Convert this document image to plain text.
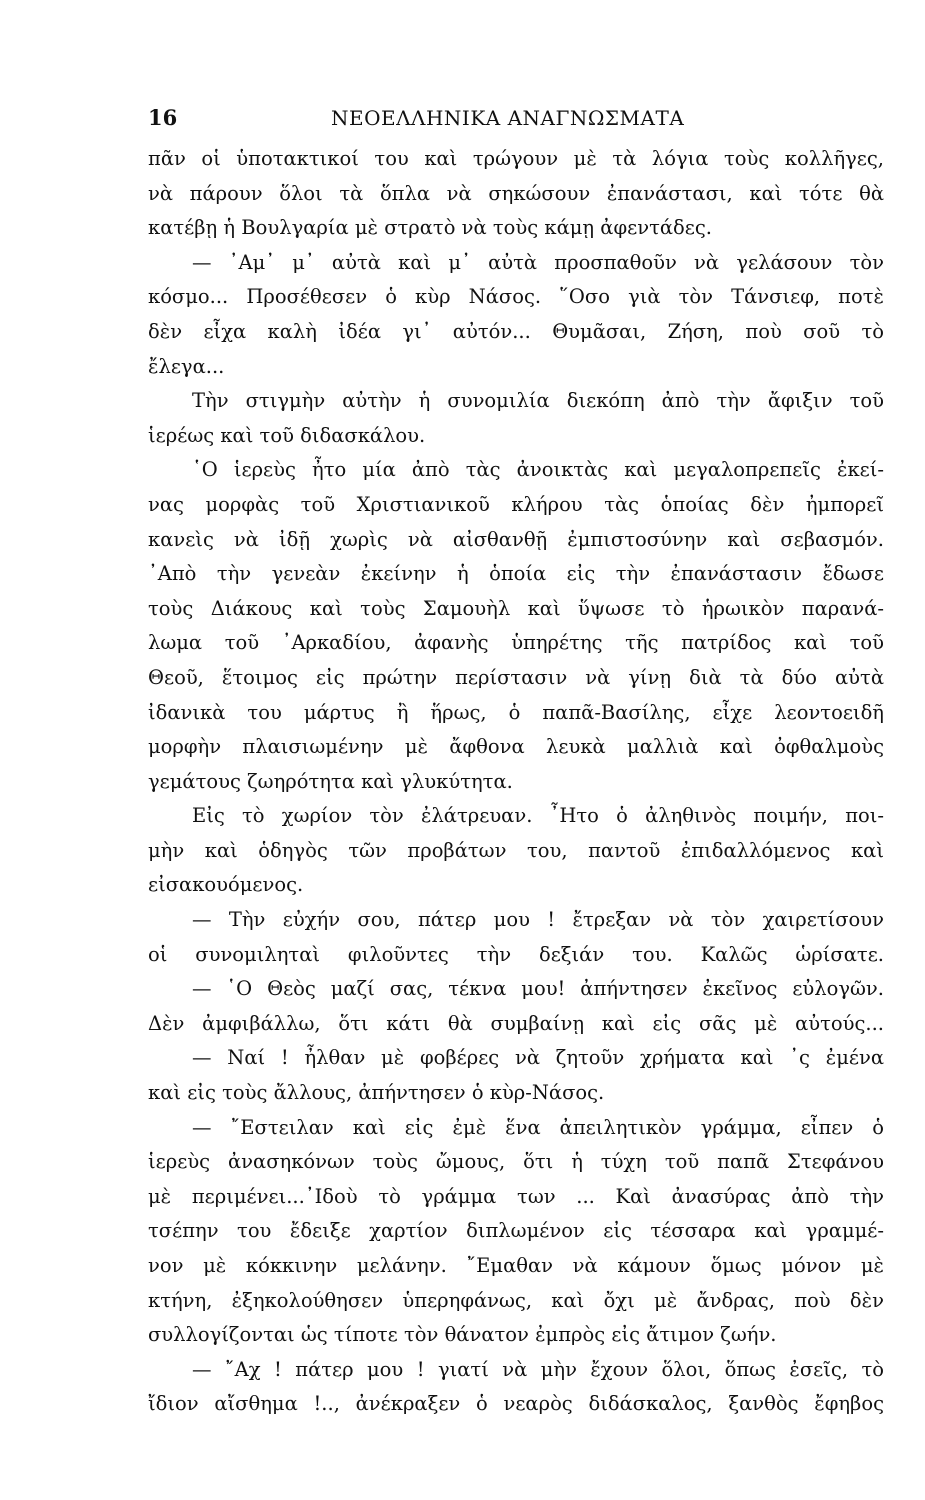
16	ΝΕΟΕΛΛΗΝΙΚΑ ΑΝΑΓΝΩΣΜΑΤΑ
πᾶν οἱ ὑποτακτικοί του καὶ τρώγουν μὲ τὰ λόγια τοὺς κολλῆγες,
νὰ πάρουν ὅλοι τὰ ὅπλα νὰ σηκώσουν ἐπανάστασι, καὶ τότε θὰ
κατέβῃ ἡ Βουλγαρία μὲ στρατὸ νὰ τοὺς κάμῃ ἀφεντάδες.
— ᾽Αμ᾽ μ᾽ αὐτὰ καὶ μ᾽ αὐτὰ προσπαθοῦν νὰ γελάσουν τὸν
κόσμο... Προσέθεσεν ὁ κὺρ Νάσος. ῞Οσο γιὰ τὸν Τάνσιεφ, ποτὲ
δὲν εἶχα καλὴ ἰδέα γι᾽ αὐτόν... Θυμᾶσαι, Ζήση, ποὺ σοῦ τὸ
ἔλεγα...
Τὴν στιγμὴν αὐτὴν ἡ συνομιλία διεκόπη ἀπὸ τὴν ἄφιξιν τοῦ
ἱερέως καὶ τοῦ διδασκάλου.
῾Ο ἱερεὺς ἦτο μία ἀπὸ τὰς ἀνοικτὰς καὶ μεγαλοπρεπεῖς ἐκεί-
νας μορφὰς τοῦ Χριστιανικοῦ κλήρου τὰς ὁποίας δὲν ἠμπορεῖ
κανεὶς νὰ ἰδῇ χωρὶς νὰ αἰσθανθῇ ἐμπιστοσύνην καὶ σεβασμόν.
᾽Απὸ τὴν γενεὰν ἐκείνην ἡ ὁποία εἰς τὴν ἐπανάστασιν ἔδωσε
τοὺς Διάκους καὶ τοὺς Σαμουὴλ καὶ ὕψωσε τὸ ἡρωικὸν παρανά-
λωμα τοῦ ᾽Αρκαδίου, ἀφανὴς ὑπηρέτης τῆς πατρίδος καὶ τοῦ
Θεοῦ, ἕτοιμος εἰς πρώτην περίστασιν νὰ γίνῃ διὰ τὰ δύο αὐτὰ
ἰδανικὰ του μάρτυς ἢ ἥρως, ὁ παπᾶ-Βασίλης, εἶχε λεοντοειδῆ
μορφὴν πλαισιωμένην μὲ ἄφθονα λευκὰ μαλλιὰ καὶ ὀφθαλμοὺς
γεμάτους ζωηρότητα καὶ γλυκύτητα.
Εἰς τὸ χωρίον τὸν ἐλάτρευαν. ῏Ητο ὁ ἀληθινὸς ποιμήν, ποι-
μὴν καὶ ὁδηγὸς τῶν προβάτων του, παντοῦ ἐπιδαλλόμενος καὶ
εἰσακουόμενος.
— Τὴν εὐχήν σου, πάτερ μου ! ἔτρεξαν νὰ τὸν χαιρετίσουν
οἱ συνομιληταὶ φιλοῦντες τὴν δεξιάν του. Καλῶς ὡρίσατε.
— ῾Ο Θεὸς μαζί σας, τέκνα μου! ἀπήντησεν ἐκεῖνος εὐλογῶν.
Δὲν ἀμφιβάλλω, ὅτι κάτι θὰ συμβαίνῃ καὶ εἰς σᾶς μὲ αὐτούς...
— Ναί ! ἦλθαν μὲ φοβέρες νὰ ζητοῦν χρήματα καὶ ᾽ς ἐμένα
καὶ εἰς τοὺς ἄλλους, ἀπήντησεν ὁ κὺρ-Νάσος.
— ῎Εστειλαν καὶ εἰς ἐμὲ ἕνα ἀπειλητικὸν γράμμα, εἶπεν ὁ
ἱερεὺς ἀνασηκόνων τοὺς ὤμους, ὅτι ἡ τύχη τοῦ παπᾶ Στεφάνου
μὲ περιμένει...᾽Ιδοὺ τὸ γράμμα των ... Καὶ ἀνασύρας ἀπὸ τὴν
τσέπην του ἔδειξε χαρτίον διπλωμένον εἰς τέσσαρα καὶ γραμμέ-
νον μὲ κόκκινην μελάνην. ῎Εμαθαν νὰ κάμουν ὅμως μόνον μὲ
κτήνη, ἐξηκολούθησεν ὑπερηφάνως, καὶ ὄχι μὲ ἄνδρας, ποὺ δὲν
συλλογίζονται ὡς τίποτε τὸν θάνατον ἐμπρὸς εἰς ἄτιμον ζωήν.
— ῎Αχ ! πάτερ μου ! γιατί νὰ μὴν ἔχουν ὅλοι, ὅπως ἐσεῖς, τὸ
ἴδιον αἴσθημα !.., ἀνέκραξεν ὁ νεαρὸς διδάσκαλος, ξανθὸς ἔφηβος
